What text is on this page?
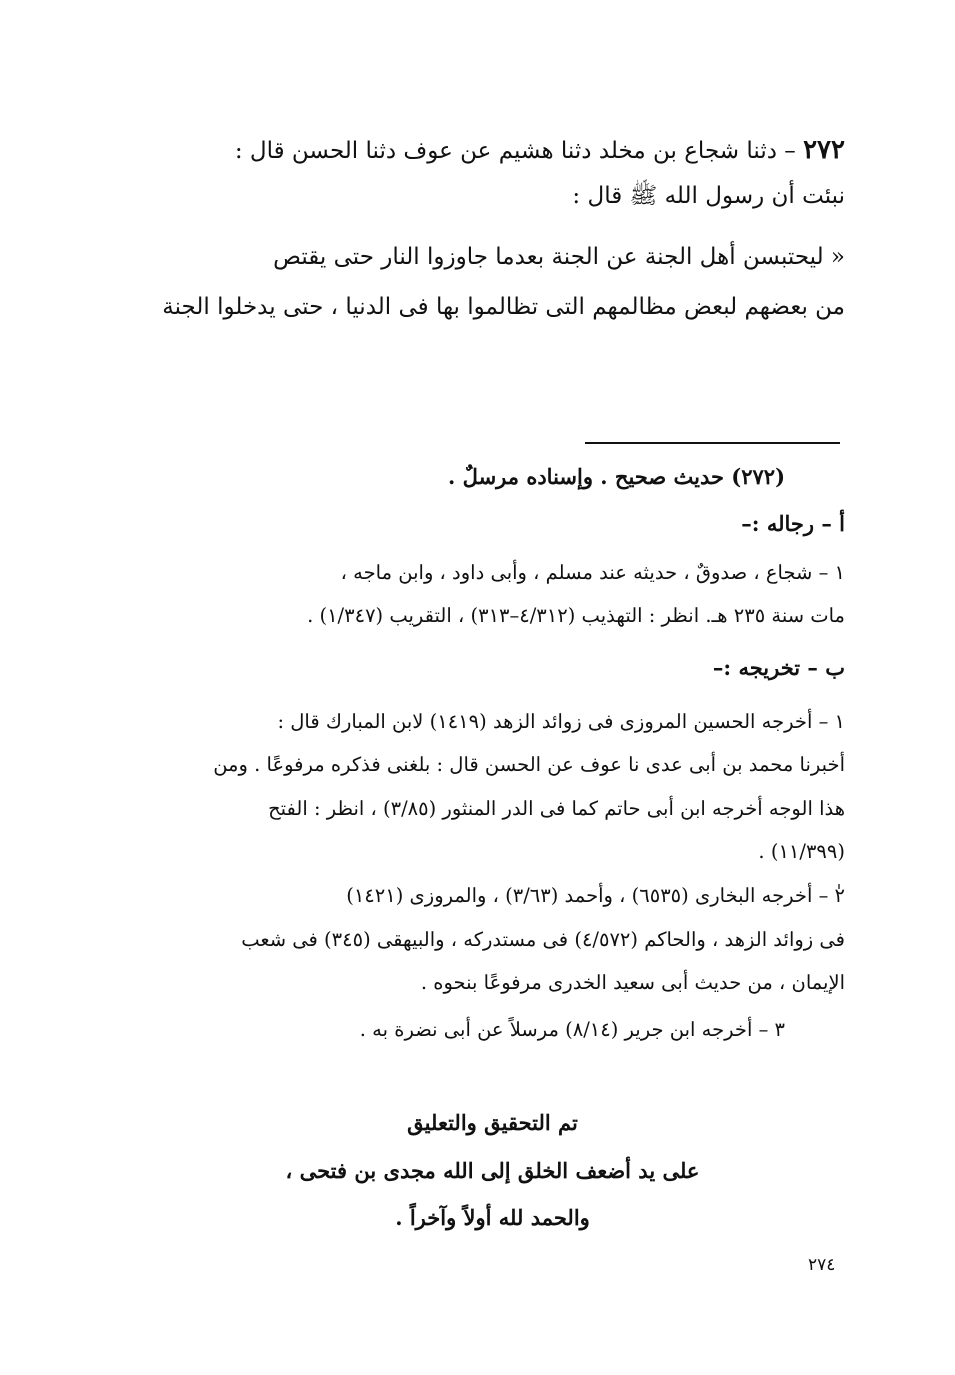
٢٧٢ – دثنا شجاع بن مخلد دثنا هشيم عن عوف دثنا الحسن قال :
نبئت أن رسول الله ﷺ قال :
« ليحتبسن أهل الجنة عن الجنة بعدما جاوزوا النار حتى يقتص
من بعضهم لبعض مظالمهم التى تظالموا بها فى الدنيا ، حتى يدخلوا الجنة
(٢٧٢) حديث صحيح . وإسناده مرسلٌ .
أ – رجاله :–
١ – شجاع ، صدوقٌ ، حديثه عند مسلم ، وأبى داود ، وابن ماجه ،
مات سنة ٢٣٥ هـ. انظر : التهذيب (٤/٣١٢–٣١٣) ، التقريب (١/٣٤٧) .
ب – تخريجه :–
١ – أخرجه الحسين المروزى فى زوائد الزهد (١٤١٩) لابن المبارك قال :
أخبرنا محمد بن أبى عدى نا عوف عن الحسن قال : بلغنى فذكره مرفوعًا . ومن
هذا الوجه أخرجه ابن أبى حاتم كما فى الدر المنثور (٣/٨٥) ، انظر : الفتح
(١١/٣٩٩) .
٢ – أخرجه البخارى (٦٥٣٥) ، وأحمد (٣/٦٣) ، والمروزى (١٤٢١)
فى زوائد الزهد ، والحاكم (٤/٥٧٢) فى مستدركه ، والبيهقى (٣٤٥) فى شعب
الإيمان ، من حديث أبى سعيد الخدرى مرفوعًا بنحوه .
٣ – أخرجه ابن جرير (٨/١٤) مرسلاً عن أبى نضرة به .
تم التحقيق والتعليق
على يد أضعف الخلق إلى الله مجدى بن فتحى ،
والحمد لله أولاً وآخراً .
٢٧٤
